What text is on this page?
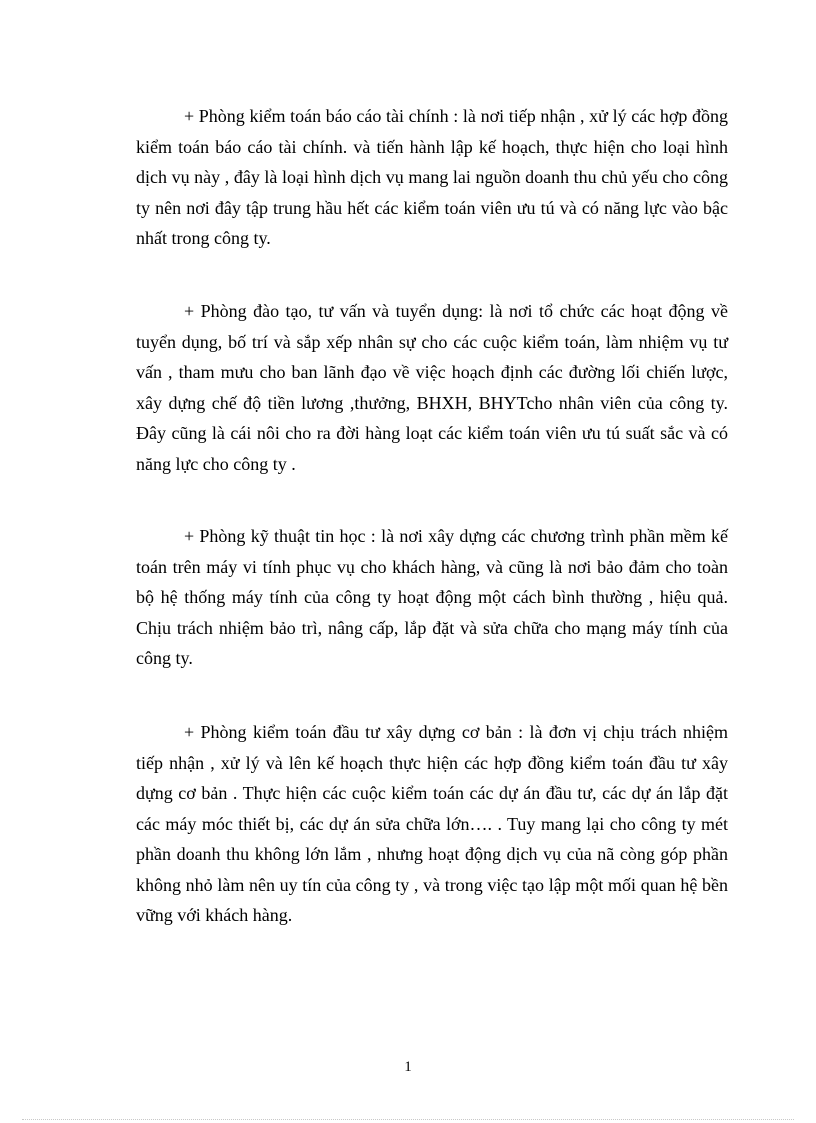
+ Phòng kiểm toán báo cáo tài chính : là nơi tiếp nhận , xử lý các hợp đồng kiểm toán báo cáo tài chính. và tiến hành lập kế hoạch, thực hiện cho loại hình dịch vụ này , đây là loại hình dịch vụ mang lai nguồn doanh thu chủ yếu cho công ty nên nơi đây tập trung hầu hết các kiểm toán viên ưu tú và có năng lực vào bậc nhất trong công ty.

+ Phòng đào tạo, tư vấn và tuyển dụng: là nơi tổ chức các hoạt động về tuyển dụng, bố trí và sắp xếp nhân sự cho các cuộc kiểm toán, làm nhiệm vụ tư vấn , tham mưu cho ban lãnh đạo về việc hoạch định các đường lối chiến lược, xây dựng chế độ tiền lương ,thưởng, BHXH, BHYTcho nhân viên của công ty. Đây cũng là cái nôi cho ra đời hàng loạt các kiểm toán viên ưu tú suất sắc và có năng lực cho công ty .

+ Phòng kỹ thuật tin học : là nơi xây dựng các chương trình phần mềm kế toán trên máy vi tính phục vụ cho khách hàng, và cũng là nơi bảo đảm cho toàn bộ hệ thống máy tính của công ty hoạt động một cách bình thường , hiệu quả. Chịu trách nhiệm bảo trì, nâng cấp, lắp đặt và sửa chữa cho mạng máy tính của công ty.

+ Phòng kiểm toán đầu tư xây dựng cơ bản : là đơn vị chịu trách nhiệm tiếp nhận , xử lý và lên kế hoạch thực hiện các hợp đồng kiểm toán đầu tư xây dựng cơ bản . Thực hiện các cuộc kiểm toán các dự án đầu tư, các dự án lắp đặt các máy móc thiết bị, các dự án sửa chữa lớn…. . Tuy mang lại cho công ty mét phần doanh thu không lớn lắm , nhưng hoạt động dịch vụ của nã còng góp phần không nhỏ làm nên uy tín của công ty , và trong việc tạo lập một mối quan hệ bền vững với khách hàng.

1
